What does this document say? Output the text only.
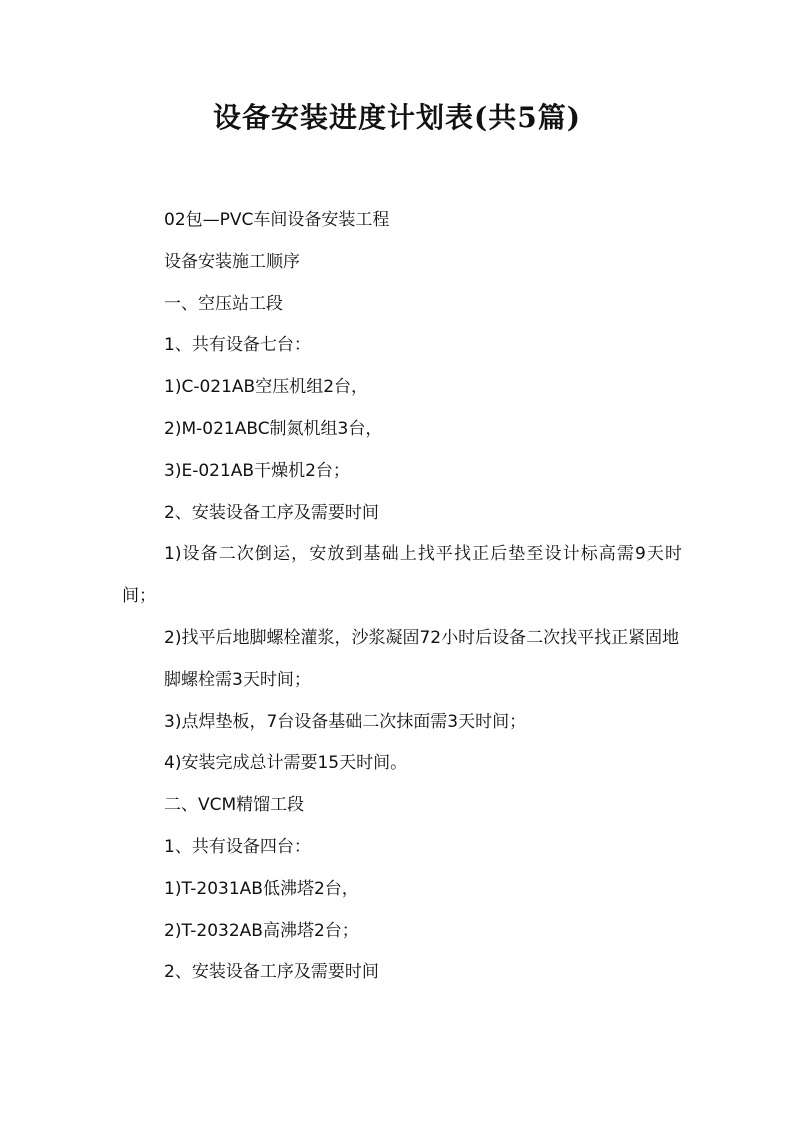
设备安装进度计划表(共5篇)

02包—PVC车间设备安装工程

设备安装施工顺序

一、空压站工段

1、共有设备七台：

1)C-021AB空压机组2台，

2)M-021ABC制氮机组3台，

3)E-021AB干燥机2台；

2、安装设备工序及需要时间

1)设备二次倒运，安放到基础上找平找正后垫至设计标高需9天时间；

2)找平后地脚螺栓灌浆，沙浆凝固72小时后设备二次找平找正紧固地

脚螺栓需3天时间；

3)点焊垫板，7台设备基础二次抹面需3天时间；

4)安装完成总计需要15天时间。

二、VCM精馏工段

1、共有设备四台：

1)T-2031AB低沸塔2台，

2)T-2032AB高沸塔2台；

2、安装设备工序及需要时间
